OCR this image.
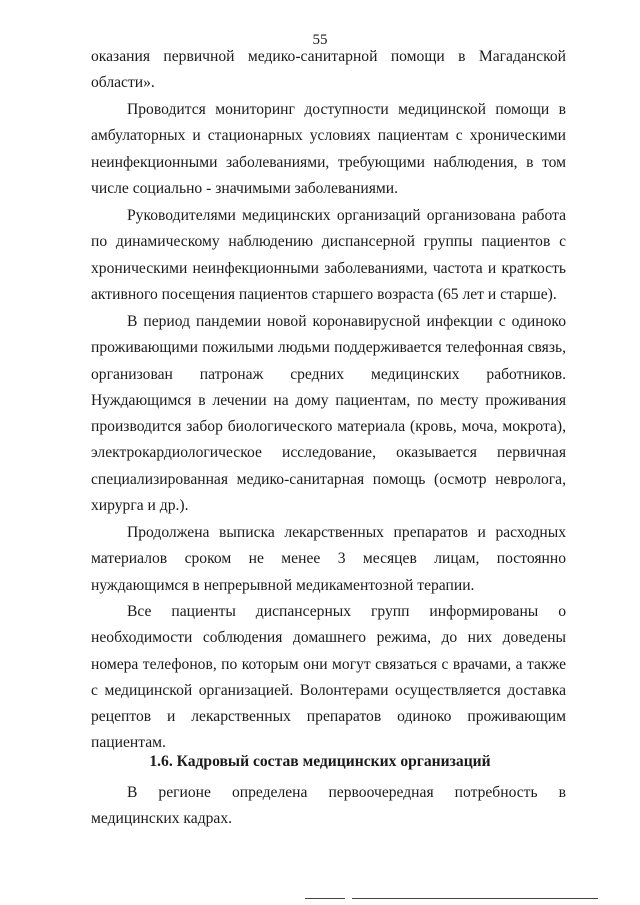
55

оказания первичной медико-санитарной помощи в Магаданской области».

Проводится мониторинг доступности медицинской помощи в амбулаторных и стационарных условиях пациентам с хроническими неинфекционными заболеваниями, требующими наблюдения, в том числе социально - значимыми заболеваниями.

Руководителями медицинских организаций организована работа по динамическому наблюдению диспансерной группы пациентов с хроническими неинфекционными заболеваниями, частота и краткость активного посещения пациентов старшего возраста (65 лет и старше).

В период пандемии новой коронавирусной инфекции с одиноко проживающими пожилыми людьми поддерживается телефонная связь, организован патронаж средних медицинских работников. Нуждающимся в лечении на дому пациентам, по месту проживания производится забор биологического материала (кровь, моча, мокрота), электрокардиологическое исследование, оказывается первичная специализированная медико-санитарная помощь (осмотр невролога, хирурга и др.).

Продолжена выписка лекарственных препаратов и расходных материалов сроком не менее 3 месяцев лицам, постоянно нуждающимся в непрерывной медикаментозной терапии.

Все пациенты диспансерных групп информированы о необходимости соблюдения домашнего режима, до них доведены номера телефонов, по которым они могут связаться с врачами, а также с медицинской организацией. Волонтерами осуществляется доставка рецептов и лекарственных препаратов одиноко проживающим пациентам.

1.6. Кадровый состав медицинских организаций

В регионе определена первоочередная потребность в медицинских кадрах.
